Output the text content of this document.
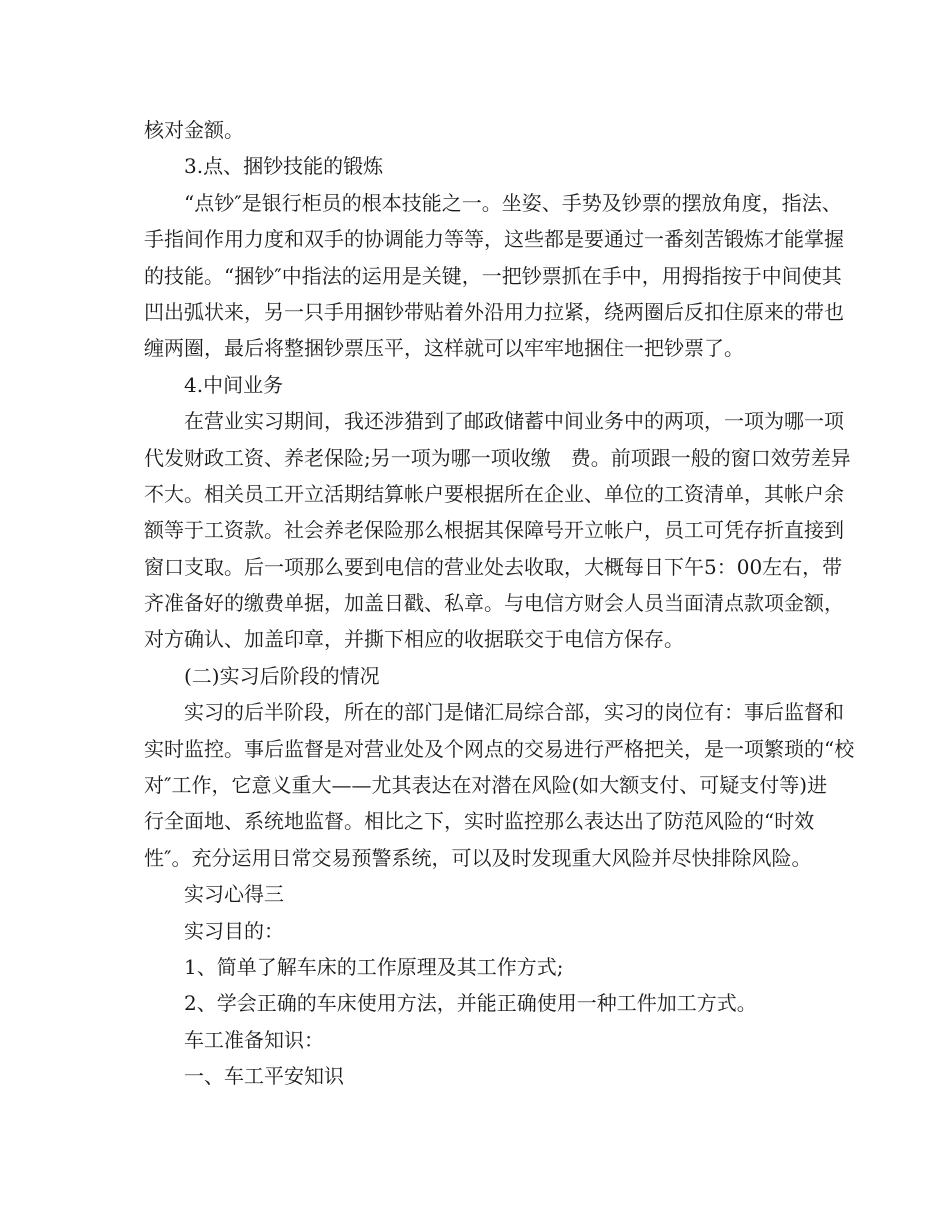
核对金额。
3.点、捆钞技能的锻炼
“点钞″是银行柜员的根本技能之一。坐姿、手势及钞票的摆放角度，指法、
手指间作用力度和双手的协调能力等等，这些都是要通过一番刻苦锻炼才能掌握
的技能。“捆钞″中指法的运用是关键，一把钞票抓在手中，用拇指按于中间使其
凹出弧状来，另一只手用捆钞带贴着外沿用力拉紧，绕两圈后反扣住原来的带也
缠两圈，最后将整捆钞票压平，这样就可以牢牢地捆住一把钞票了。
4.中间业务
在营业实习期间，我还涉猎到了邮政储蓄中间业务中的两项，一项为哪一项
代发财政工资、养老保险;另一项为哪一项收缴　费。前项跟一般的窗口效劳差异
不大。相关员工开立活期结算帐户要根据所在企业、单位的工资清单，其帐户余
额等于工资款。社会养老保险那么根据其保障号开立帐户，员工可凭存折直接到
窗口支取。后一项那么要到电信的营业处去收取，大概每日下午5：00左右，带
齐准备好的缴费单据，加盖日戳、私章。与电信方财会人员当面清点款项金额，
对方确认、加盖印章，并撕下相应的收据联交于电信方保存。
(二)实习后阶段的情况
实习的后半阶段，所在的部门是储汇局综合部，实习的岗位有：事后监督和
实时监控。事后监督是对营业处及个网点的交易进行严格把关，是一项繁琐的“校
对″工作，它意义重大——尤其表达在对潜在风险(如大额支付、可疑支付等)进
行全面地、系统地监督。相比之下，实时监控那么表达出了防范风险的“时效
性″。充分运用日常交易预警系统，可以及时发现重大风险并尽快排除风险。
实习心得三
实习目的：
1、简单了解车床的工作原理及其工作方式;
2、学会正确的车床使用方法，并能正确使用一种工件加工方式。
车工准备知识：
一、车工平安知识
